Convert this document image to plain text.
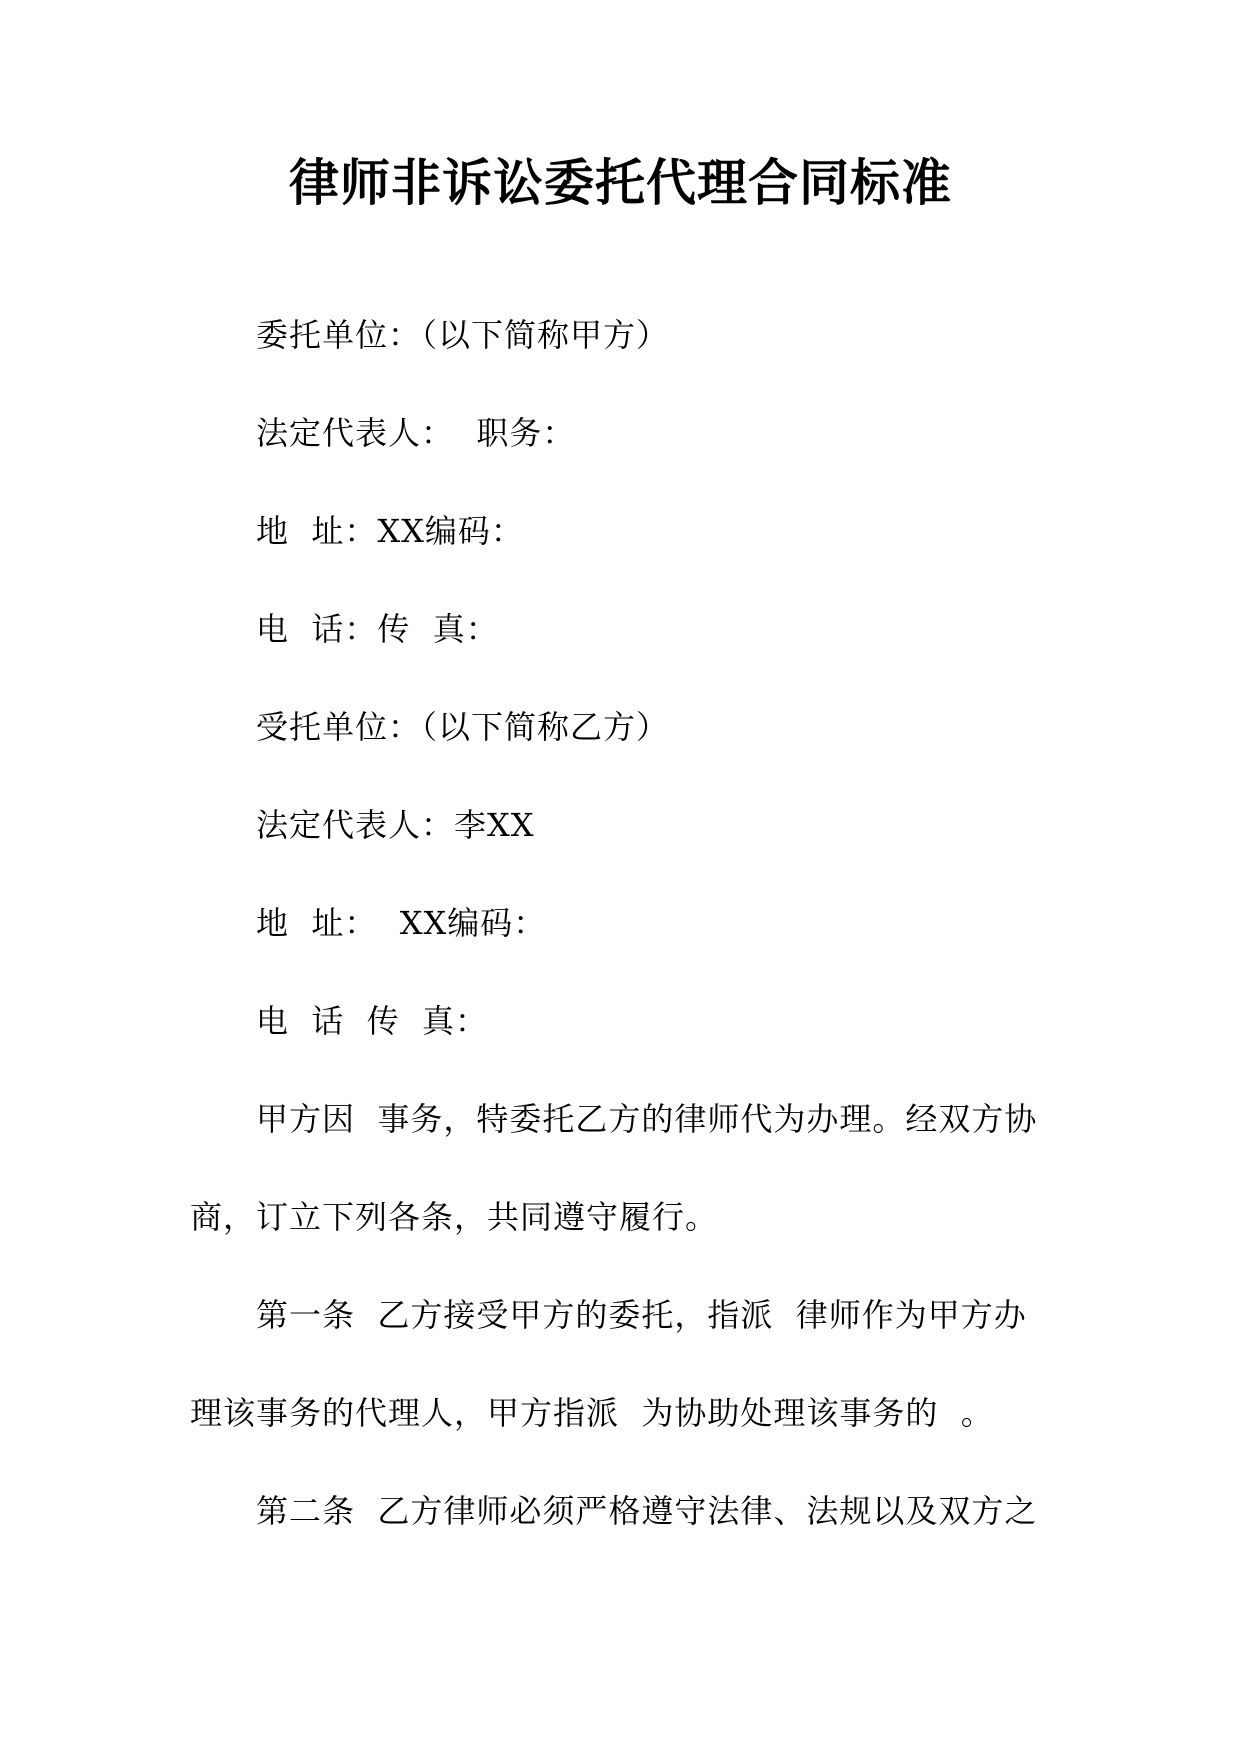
律师非诉讼委托代理合同标准
委托单位：（以下简称甲方）
法定代表人：  职务：
地  址：XX编码：
电  话：传  真：
受托单位：（以下简称乙方）
法定代表人：李XX
地  址：  XX编码：
电  话  传  真：
甲方因  事务，特委托乙方的律师代为办理。经双方协
商，订立下列各条，共同遵守履行。
第一条  乙方接受甲方的委托，指派  律师作为甲方办
理该事务的代理人，甲方指派  为协助处理该事务的  。
第二条  乙方律师必须严格遵守法律、法规以及双方之
